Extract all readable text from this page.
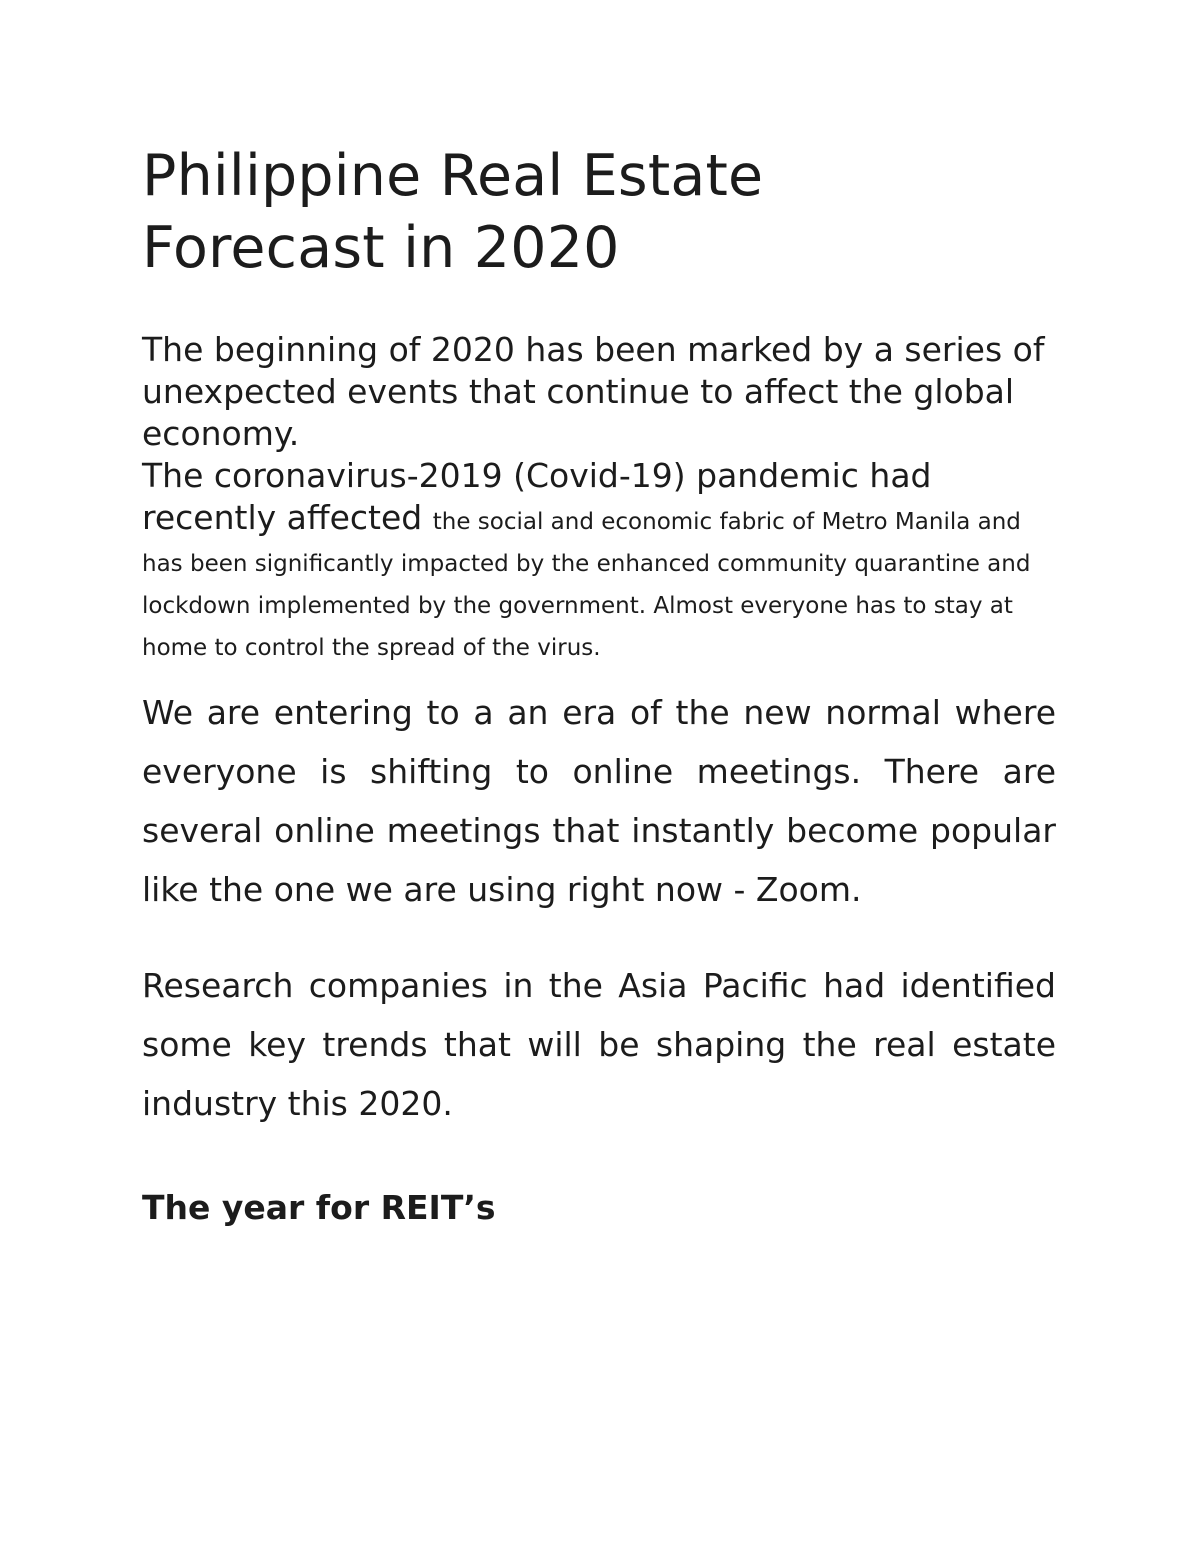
Philippine Real Estate
Forecast in 2020

The beginning of 2020 has been marked by a series of unexpected events that continue to affect the global economy.

The coronavirus-2019 (Covid-19) pandemic had recently affected the social and economic fabric of Metro Manila and has been significantly impacted by the enhanced community quarantine and lockdown implemented by the government. Almost everyone has to stay at home to control the spread of the virus.

We are entering to a an era of the new normal where everyone is shifting to online meetings. There are several online meetings that instantly become popular like the one we are using right now - Zoom.

Research companies in the Asia Pacific had identified some key trends that will be shaping the real estate industry this 2020.

The year for REIT’s
